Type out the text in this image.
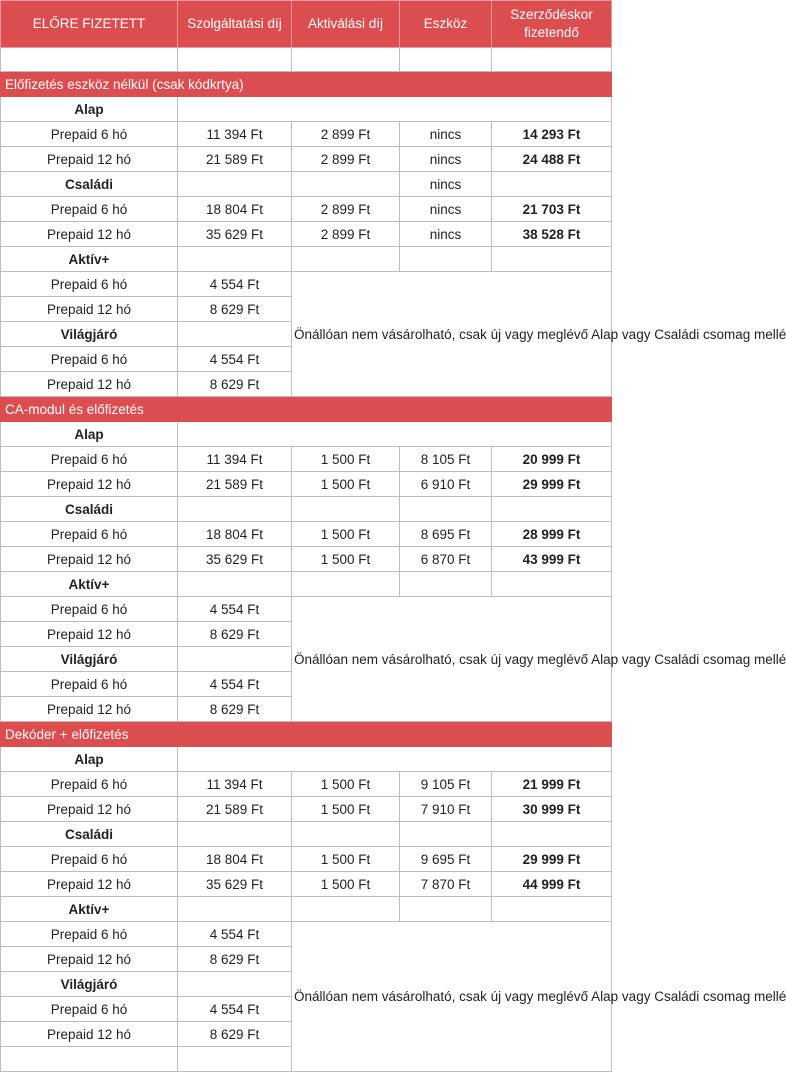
ELŐRE FIZETETT	Szolgáltatási díj	Aktiválási díj	Eszköz	Szerződéskor fizetendő

Előfizetés eszköz nélkül (csak kódkrtya)				
Alap				
Prepaid 6 hó	11 394 Ft	2 899 Ft	nincs	14 293 Ft
Prepaid 12 hó	21 589 Ft	2 899 Ft	nincs	24 488 Ft
Családi			nincs	
Prepaid 6 hó	18 804 Ft	2 899 Ft	nincs	21 703 Ft
Prepaid 12 hó	35 629 Ft	2 899 Ft	nincs	38 528 Ft
Aktív+				
Prepaid 6 hó	4 554 Ft	Önállóan nem vásárolható, csak új vagy meglévő Alap vagy Családi csomag mellé		
Prepaid 12 hó	8 629 Ft			
Világjáró				
Prepaid 6 hó	4 554 Ft			
Prepaid 12 hó	8 629 Ft			
CA-modul és előfizetés				
Alap				
Prepaid 6 hó	11 394 Ft	1 500 Ft	8 105 Ft	20 999 Ft
Prepaid 12 hó	21 589 Ft	1 500 Ft	6 910 Ft	29 999 Ft
Családi				
Prepaid 6 hó	18 804 Ft	1 500 Ft	8 695 Ft	28 999 Ft
Prepaid 12 hó	35 629 Ft	1 500 Ft	6 870 Ft	43 999 Ft
Aktív+				
Prepaid 6 hó	4 554 Ft	Önállóan nem vásárolható, csak új vagy meglévő Alap vagy Családi csomag mellé		
Prepaid 12 hó	8 629 Ft			
Világjáró				
Prepaid 6 hó	4 554 Ft			
Prepaid 12 hó	8 629 Ft			
Dekóder + előfizetés				
Alap				
Prepaid 6 hó	11 394 Ft	1 500 Ft	9 105 Ft	21 999 Ft
Prepaid 12 hó	21 589 Ft	1 500 Ft	7 910 Ft	30 999 Ft
Családi				
Prepaid 6 hó	18 804 Ft	1 500 Ft	9 695 Ft	29 999 Ft
Prepaid 12 hó	35 629 Ft	1 500 Ft	7 870 Ft	44 999 Ft
Aktív+				
Prepaid 6 hó	4 554 Ft	Önállóan nem vásárolható, csak új vagy meglévő Alap vagy Családi csomag mellé		
Prepaid 12 hó	8 629 Ft			
Világjáró				
Prepaid 6 hó	4 554 Ft			
Prepaid 12 hó	8 629 Ft			
